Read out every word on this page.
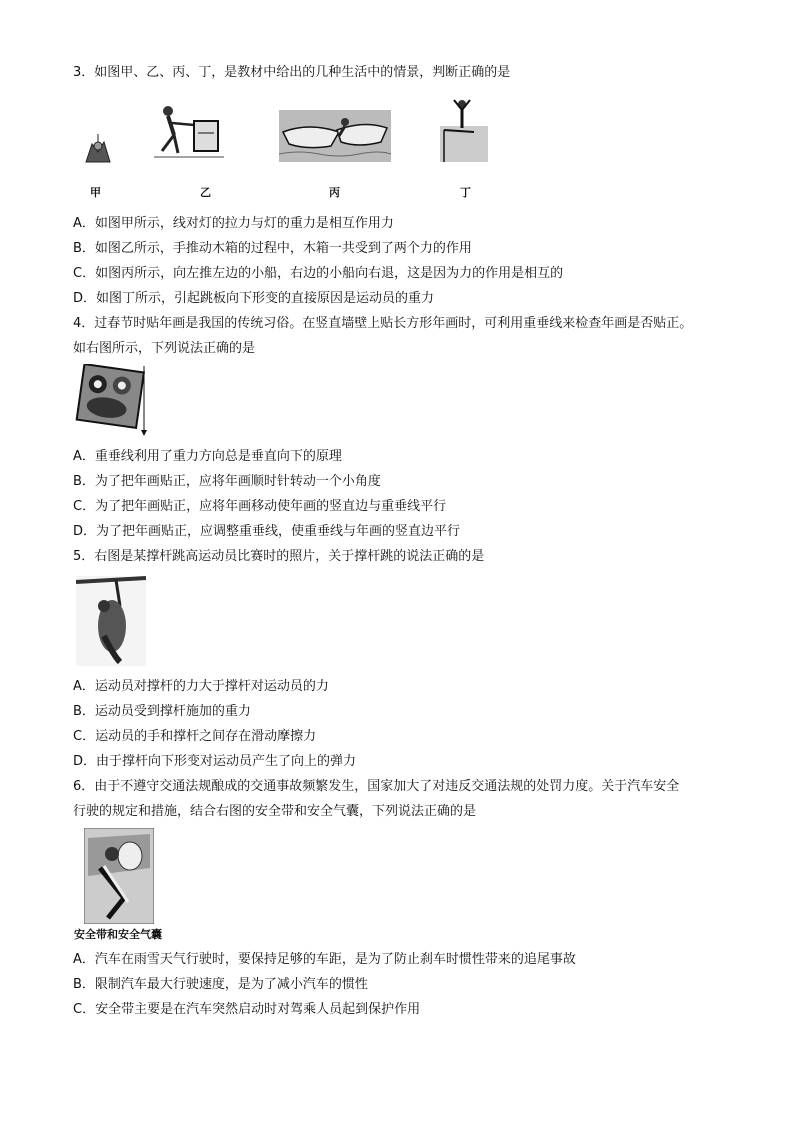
3．如图甲、乙、丙、丁，是教材中给出的几种生活中的情景，判断正确的是
甲	乙	丙	丁
A．如图甲所示，线对灯的拉力与灯的重力是相互作用力
B．如图乙所示，手推动木箱的过程中，木箱一共受到了两个力的作用
C．如图丙所示，向左推左边的小船，右边的小船向右退，这是因为力的作用是相互的
D．如图丁所示，引起跳板向下形变的直接原因是运动员的重力
4．过春节时贴年画是我国的传统习俗。在竖直墙壁上贴长方形年画时，可利用重垂线来检查年画是否贴正。
如右图所示，下列说法正确的是
A．重垂线利用了重力方向总是垂直向下的原理
B．为了把年画贴正，应将年画顺时针转动一个小角度
C．为了把年画贴正，应将年画移动使年画的竖直边与重垂线平行
D．为了把年画贴正，应调整重垂线，使重垂线与年画的竖直边平行
5．右图是某撑杆跳高运动员比赛时的照片，关于撑杆跳的说法正确的是
A．运动员对撑杆的力大于撑杆对运动员的力
B．运动员受到撑杆施加的重力
C．运动员的手和撑杆之间存在滑动摩擦力
D．由于撑杆向下形变对运动员产生了向上的弹力
6．由于不遵守交通法规酿成的交通事故频繁发生，国家加大了对违反交通法规的处罚力度。关于汽车安全
行驶的规定和措施，结合右图的安全带和安全气囊，下列说法正确的是
安全带和安全气囊
A．汽车在雨雪天气行驶时，要保持足够的车距，是为了防止刹车时惯性带来的追尾事故
B．限制汽车最大行驶速度，是为了减小汽车的惯性
C．安全带主要是在汽车突然启动时对驾乘人员起到保护作用
